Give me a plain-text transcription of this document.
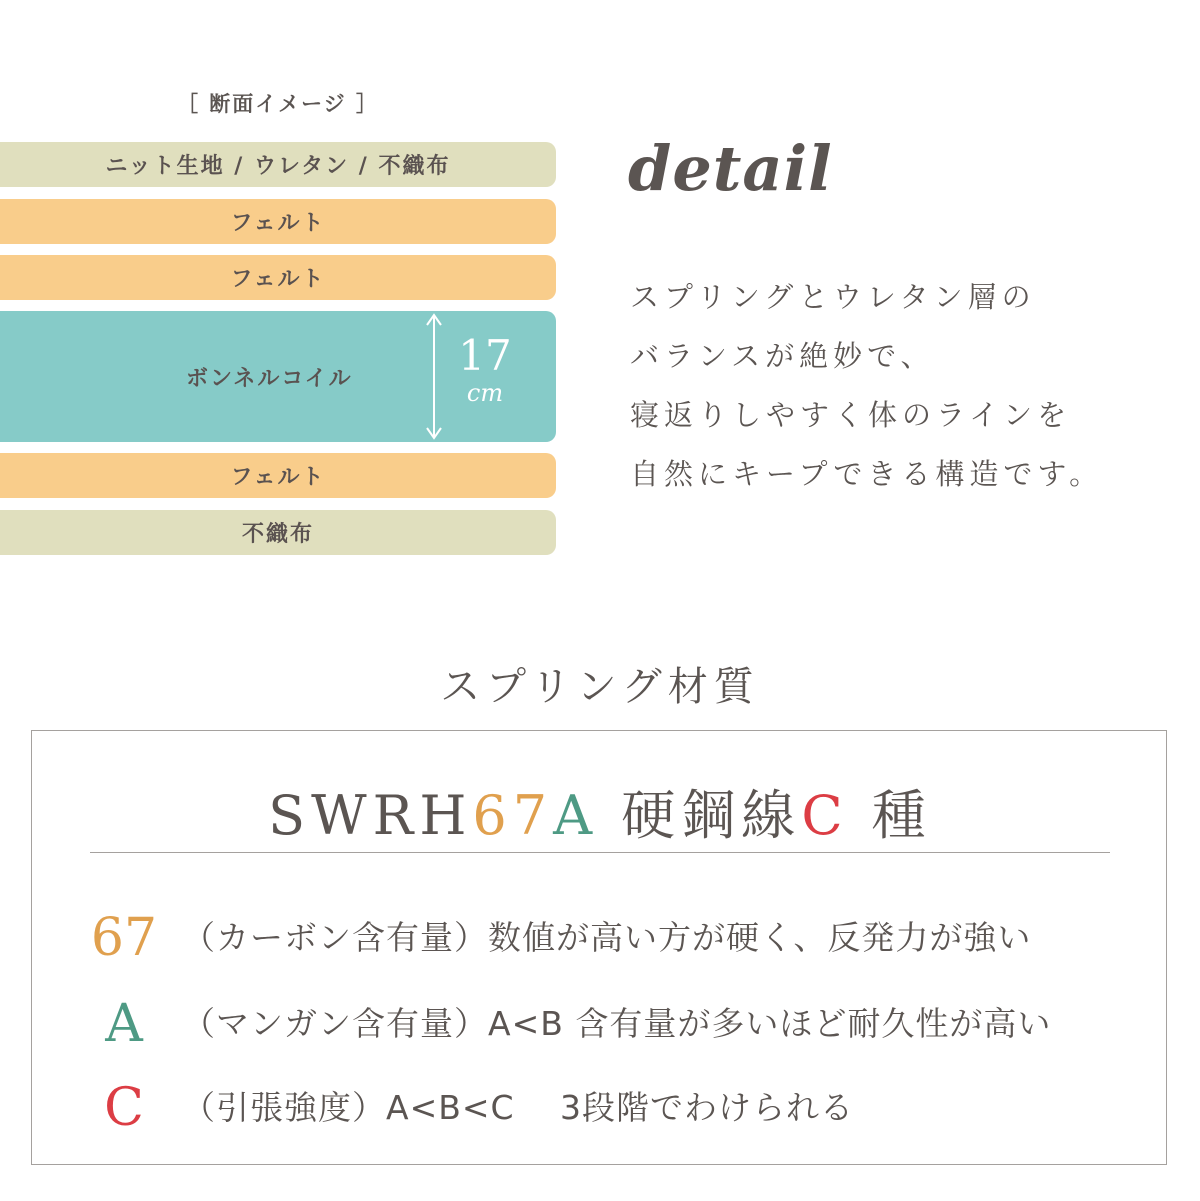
［ 断面イメージ ］
ニット生地 / ウレタン / 不織布
フェルト
フェルト
ボンネルコイル	17
cm
フェルト
不織布
detail
スプリングとウレタン層の
バランスが絶妙で、
寝返りしやすく体のラインを
自然にキープできる構造です。
スプリング材質
SWRH67A 硬鋼線C 種
67 （カーボン含有量）数値が高い方が硬く、反発力が強い
A	（マンガン含有量）A<B 含有量が多いほど耐久性が高い
C	（引張強度）A<B<C　 3段階でわけられる
